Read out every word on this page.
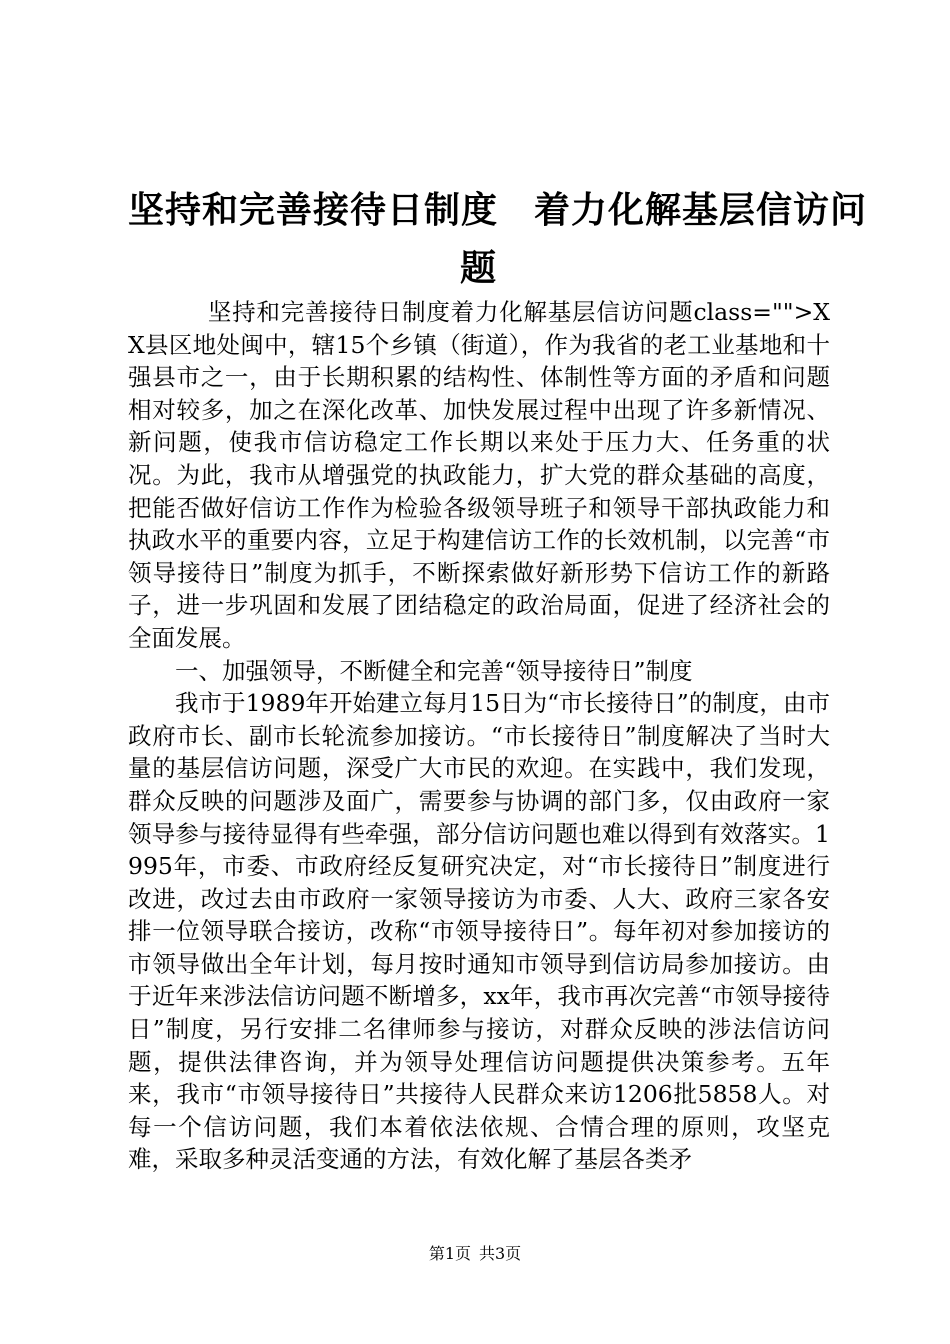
坚持和完善接待日制度 着力化解基层信访问
题

坚持和完善接待日制度着力化解基层信访问题class="">XX县区地处闽中，辖15个乡镇（街道），作为我省的老工业基地和十强县市之一，由于长期积累的结构性、体制性等方面的矛盾和问题相对较多，加之在深化改革、加快发展过程中出现了许多新情况、新问题，使我市信访稳定工作长期以来处于压力大、任务重的状况。为此，我市从增强党的执政能力，扩大党的群众基础的高度，把能否做好信访工作作为检验各级领导班子和领导干部执政能力和执政水平的重要内容，立足于构建信访工作的长效机制，以完善“市领导接待日”制度为抓手，不断探索做好新形势下信访工作的新路子，进一步巩固和发展了团结稳定的政治局面，促进了经济社会的全面发展。

一、加强领导，不断健全和完善“领导接待日”制度

我市于1989年开始建立每月15日为“市长接待日”的制度，由市政府市长、副市长轮流参加接访。“市长接待日”制度解决了当时大量的基层信访问题，深受广大市民的欢迎。在实践中，我们发现，群众反映的问题涉及面广，需要参与协调的部门多，仅由政府一家领导参与接待显得有些牵强，部分信访问题也难以得到有效落实。1995年，市委、市政府经反复研究决定，对“市长接待日”制度进行改进，改过去由市政府一家领导接访为市委、人大、政府三家各安排一位领导联合接访，改称“市领导接待日”。每年初对参加接访的市领导做出全年计划，每月按时通知市领导到信访局参加接访。由于近年来涉法信访问题不断增多，xx年，我市再次完善“市领导接待日”制度，另行安排二名律师参与接访，对群众反映的涉法信访问题，提供法律咨询，并为领导处理信访问题提供决策参考。五年来，我市“市领导接待日”共接待人民群众来访1206批5858人。对每一个信访问题，我们本着依法依规、合情合理的原则，攻坚克难，采取多种灵活变通的方法，有效化解了基层各类矛

第1页 共3页
